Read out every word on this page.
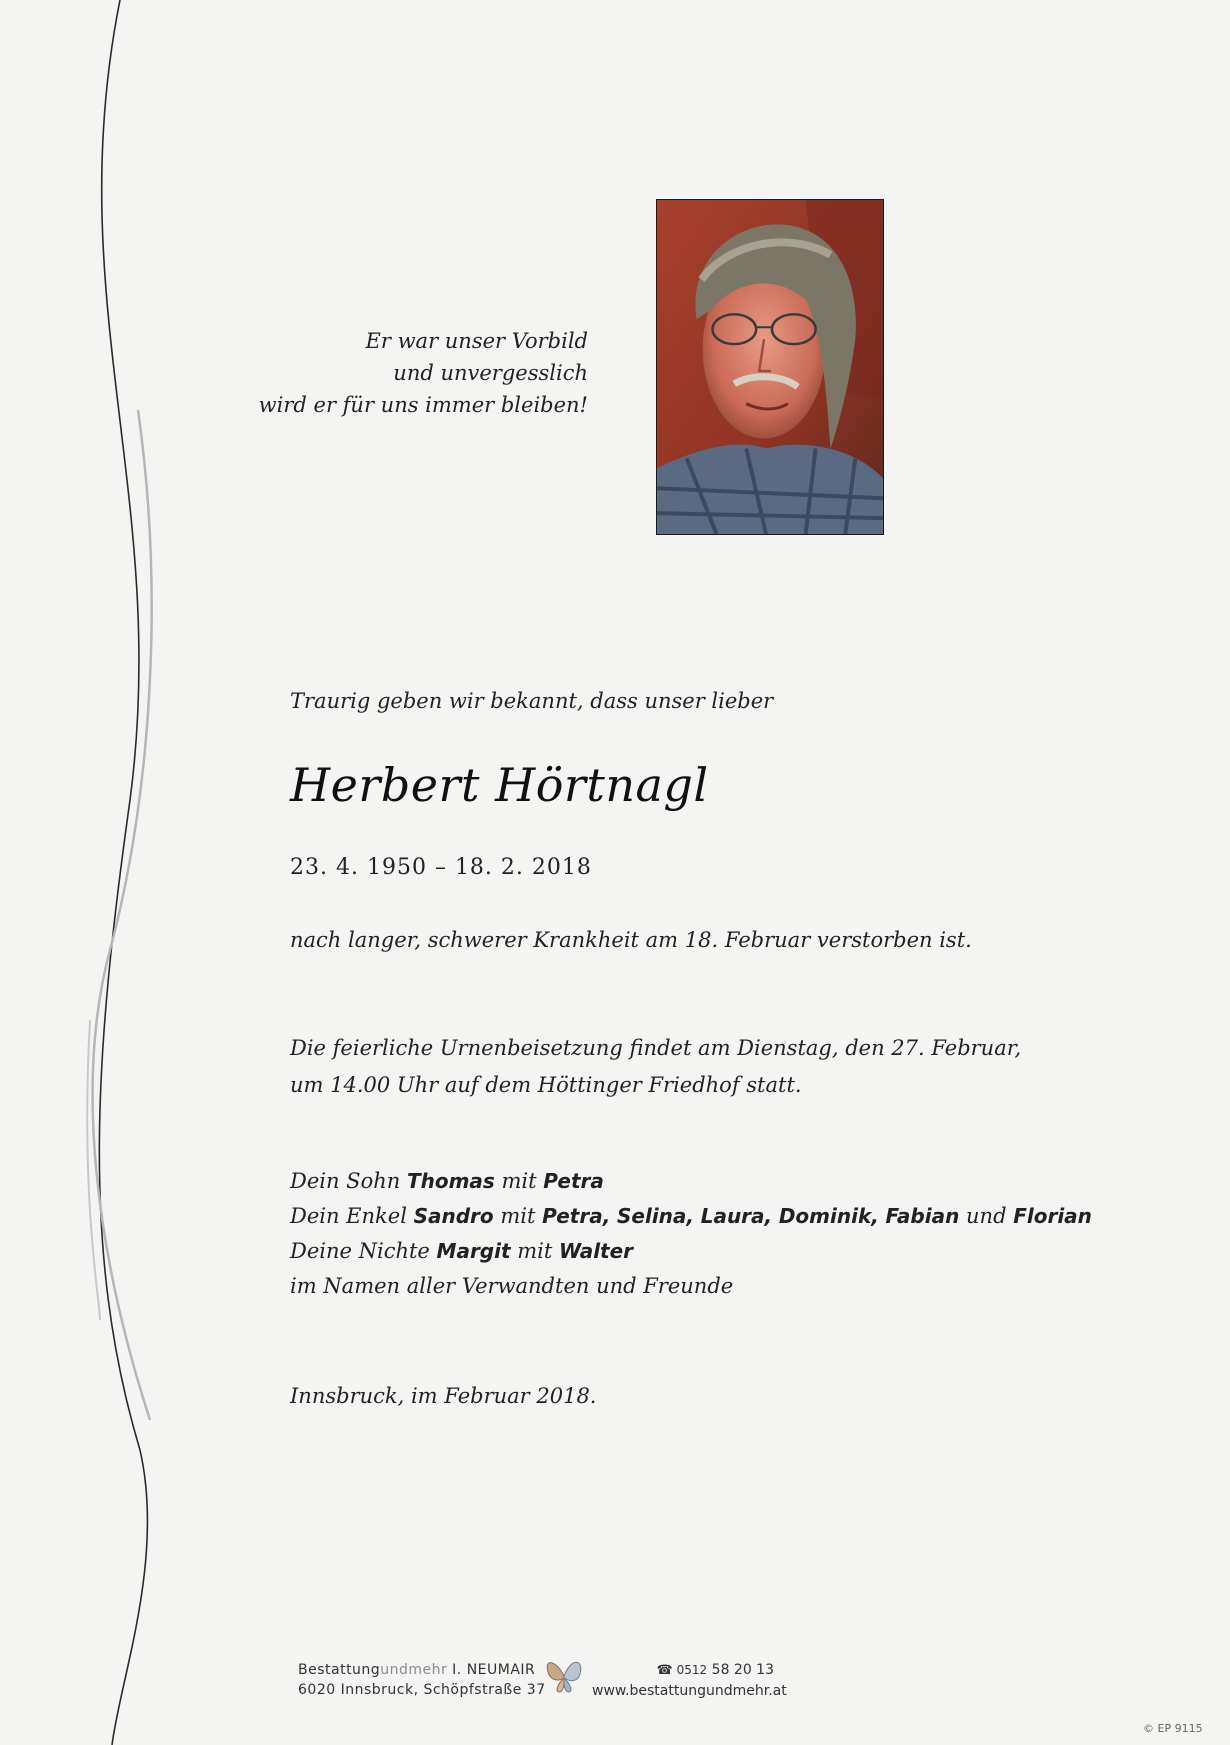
Er war unser Vorbild
und unvergesslich
wird er für uns immer bleiben!
Traurig geben wir bekannt, dass unser lieber
Herbert Hörtnagl
23. 4. 1950 – 18. 2. 2018
nach langer, schwerer Krankheit am 18. Februar verstorben ist.
Die feierliche Urnenbeisetzung findet am Dienstag, den 27. Februar,
um 14.00 Uhr auf dem Höttinger Friedhof statt.
Dein Sohn Thomas mit Petra
Dein Enkel Sandro mit Petra, Selina, Laura, Dominik, Fabian und Florian
Deine Nichte Margit mit Walter
im Namen aller Verwandten und Freunde
Innsbruck, im Februar 2018.
Bestattungundmehr I. NEUMAIR
6020 Innsbruck, Schöpfstraße 37
☎ 0512 58 20 13
www.bestattungundmehr.at
© EP 9115
